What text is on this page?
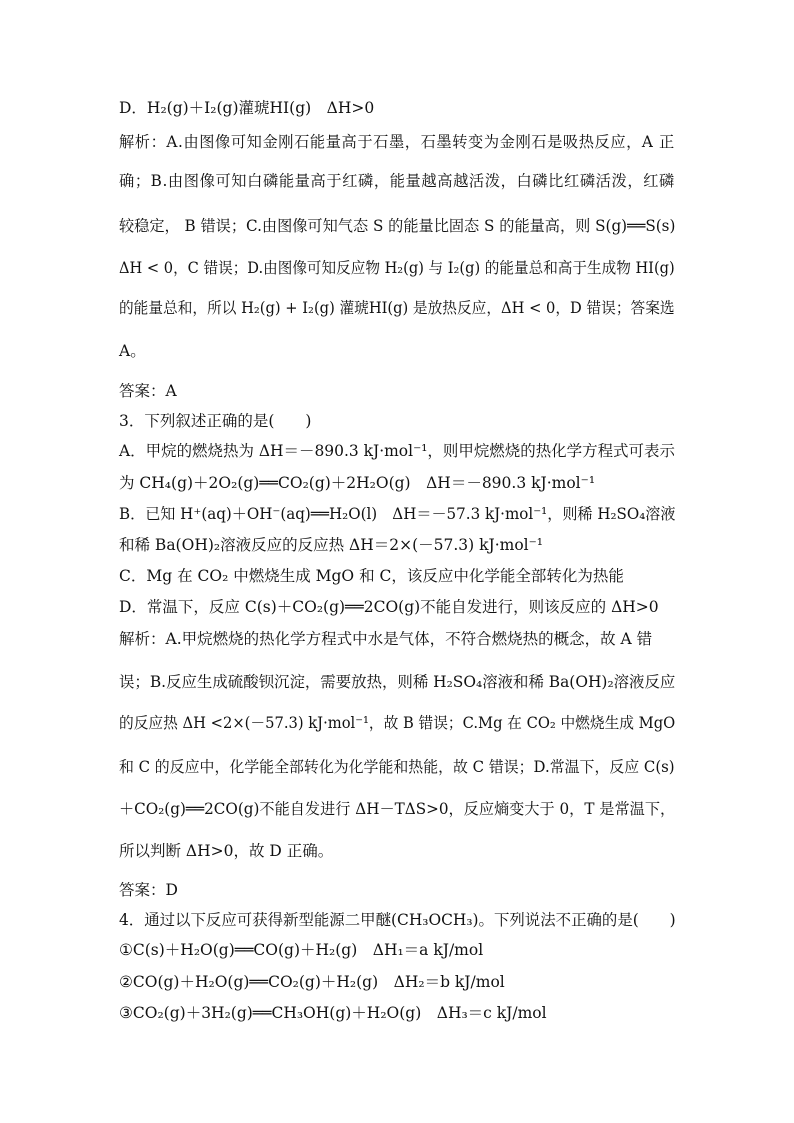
D．H₂(g)＋I₂(g)灌琥HI(g)　ΔH>0
解析：A.由图像可知金刚石能量高于石墨，石墨转变为金刚石是吸热反应，A 正
确；B.由图像可知白磷能量高于红磷，能量越高越活泼，白磷比红磷活泼，红磷
较稳定， B 错误；C.由图像可知气态 S 的能量比固态 S 的能量高，则 S(g)══S(s)
ΔH < 0，C 错误；D.由图像可知反应物 H₂(g) 与 I₂(g) 的能量总和高于生成物 HI(g)
的能量总和，所以 H₂(g) + I₂(g) 灌琥HI(g) 是放热反应，ΔH < 0，D 错误；答案选
A。
答案：A
3．下列叙述正确的是(　　)
A．甲烷的燃烧热为 ΔH＝－890.3 kJ·mol⁻¹，则甲烷燃烧的热化学方程式可表示
为 CH₄(g)＋2O₂(g)══CO₂(g)＋2H₂O(g)　ΔH＝－890.3 kJ·mol⁻¹
B．已知 H⁺(aq)＋OH⁻(aq)══H₂O(l)　ΔH＝－57.3 kJ·mol⁻¹，则稀 H₂SO₄溶液
和稀 Ba(OH)₂溶液反应的反应热 ΔH＝2×(－57.3) kJ·mol⁻¹
C．Mg 在 CO₂ 中燃烧生成 MgO 和 C，该反应中化学能全部转化为热能
D．常温下，反应 C(s)＋CO₂(g)══2CO(g)不能自发进行，则该反应的 ΔH>0
解析：A.甲烷燃烧的热化学方程式中水是气体，不符合燃烧热的概念，故 A 错
误；B.反应生成硫酸钡沉淀，需要放热，则稀 H₂SO₄溶液和稀 Ba(OH)₂溶液反应
的反应热 ΔH <2×(－57.3) kJ·mol⁻¹，故 B 错误；C.Mg 在 CO₂ 中燃烧生成 MgO
和 C 的反应中，化学能全部转化为化学能和热能，故 C 错误；D.常温下，反应 C(s)
＋CO₂(g)══2CO(g)不能自发进行 ΔH－TΔS>0，反应熵变大于 0，T 是常温下，
所以判断 ΔH>0，故 D 正确。
答案：D
4．通过以下反应可获得新型能源二甲醚(CH₃OCH₃)。下列说法不正确的是(　　)
①C(s)＋H₂O(g)══CO(g)＋H₂(g)　ΔH₁＝a kJ/mol
②CO(g)＋H₂O(g)══CO₂(g)＋H₂(g)　ΔH₂＝b kJ/mol
③CO₂(g)＋3H₂(g)══CH₃OH(g)＋H₂O(g)　ΔH₃＝c kJ/mol
